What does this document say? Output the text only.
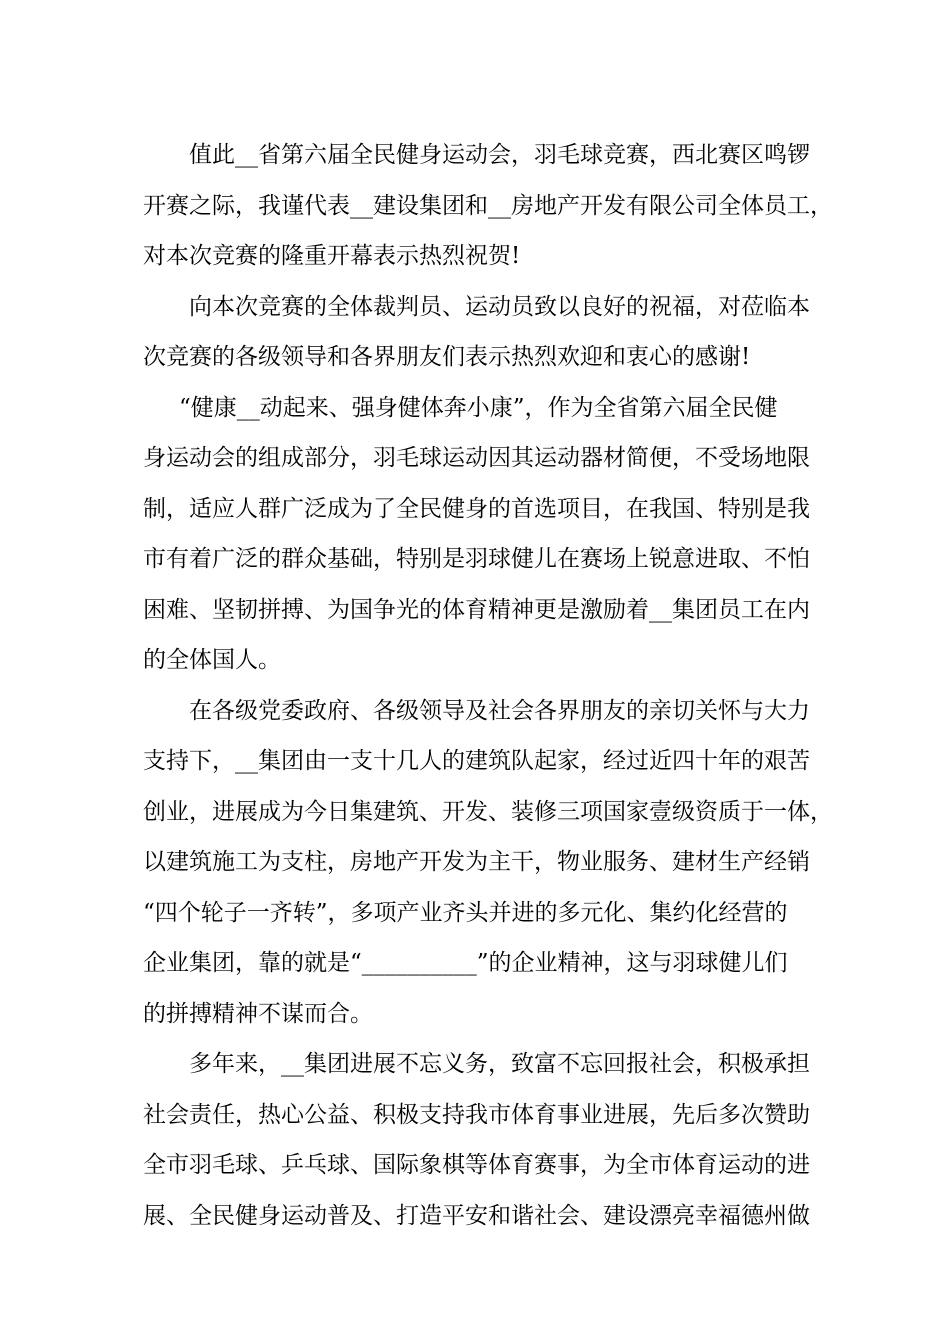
值此__省第六届全民健身运动会，羽毛球竞赛，西北赛区鸣锣
开赛之际，我谨代表__建设集团和__房地产开发有限公司全体员工，
对本次竞赛的隆重开幕表示热烈祝贺!
向本次竞赛的全体裁判员、运动员致以良好的祝福，对莅临本
次竞赛的各级领导和各界朋友们表示热烈欢迎和衷心的感谢!
“健康__动起来、强身健体奔小康”，作为全省第六届全民健
身运动会的组成部分，羽毛球运动因其运动器材简便，不受场地限
制，适应人群广泛成为了全民健身的首选项目，在我国、特别是我
市有着广泛的群众基础，特别是羽球健儿在赛场上锐意进取、不怕
困难、坚韧拼搏、为国争光的体育精神更是激励着__集团员工在内
的全体国人。
在各级党委政府、各级领导及社会各界朋友的亲切关怀与大力
支持下，__集团由一支十几人的建筑队起家，经过近四十年的艰苦
创业，进展成为今日集建筑、开发、装修三项国家壹级资质于一体，
以建筑施工为支柱，房地产开发为主干，物业服务、建材生产经销
“四个轮子一齐转”，多项产业齐头并进的多元化、集约化经营的
企业集团，靠的就是“__________”的企业精神，这与羽球健儿们
的拼搏精神不谋而合。
多年来，__集团进展不忘义务，致富不忘回报社会，积极承担
社会责任，热心公益、积极支持我市体育事业进展，先后多次赞助
全市羽毛球、乒乓球、国际象棋等体育赛事，为全市体育运动的进
展、全民健身运动普及、打造平安和谐社会、建设漂亮幸福德州做
